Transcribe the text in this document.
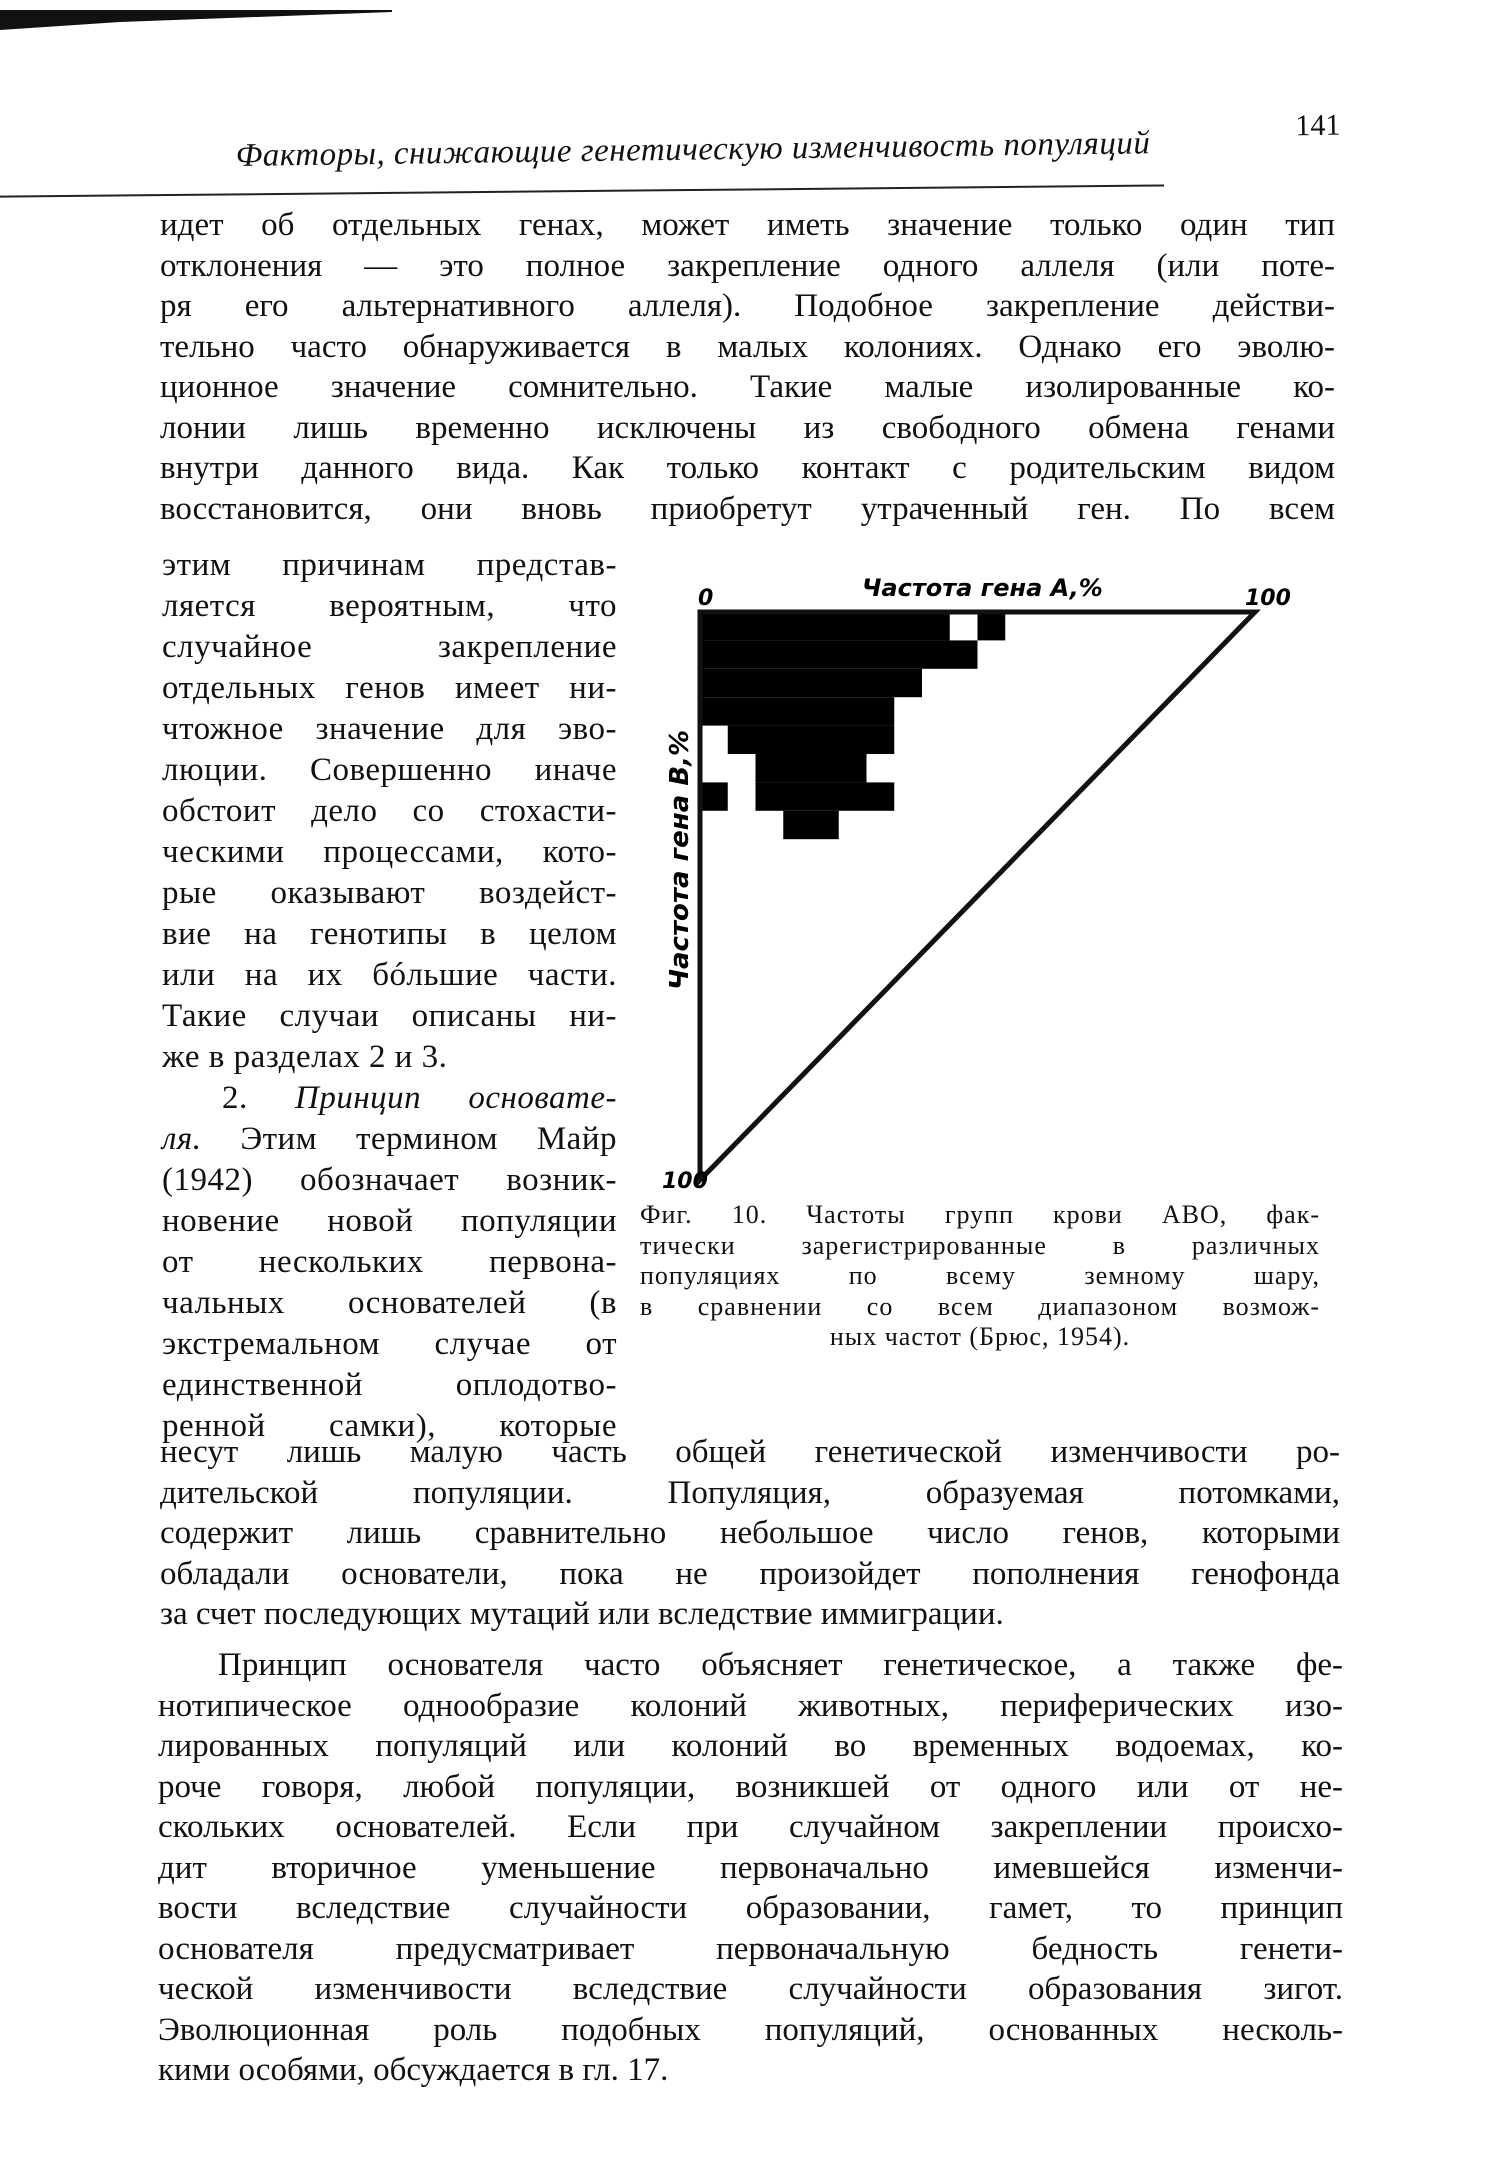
Факторы, снижающие генетическую изменчивость популяций	141
идет об отдельных генах, может иметь значение только один тип
отклонения — это полное закрепление одного аллеля (или поте-
ря его альтернативного аллеля). Подобное закрепление действи-
тельно часто обнаруживается в малых колониях. Однако его эволю-
ционное значение сомнительно. Такие малые изолированные ко-
лонии лишь временно исключены из свободного обмена генами
внутри данного вида. Как только контакт с родительским видом
восстановится, они вновь приобретут утраченный ген. По всем
этим причинам представ-
ляется вероятным, что
случайное закрепление
отдельных генов имеет ни-
чтожное значение для эво-
люции. Совершенно иначе
обстоит дело со стохасти-
ческими процессами, кото-
рые оказывают воздейст-
вие на генотипы в целом
или на их бóльшие части.
Такие случаи описаны ни-
же в разделах 2 и 3.
2. Принцип основате-
ля. Этим термином Майр
(1942) обозначает возник-
новение новой популяции
от нескольких первона-
чальных основателей (в
экстремальном случае от
единственной оплодотво-
ренной самки), которые
0	100
Частота гена A,%
100
Частота гена B,%
Фиг. 10. Частоты групп крови АВО, фак-
тически зарегистрированные в различных
популяциях по всему земному шару,
в сравнении со всем диапазоном возмож-
ных частот (Брюс, 1954).
несут лишь малую часть общей генетической изменчивости ро-
дительской популяции. Популяция, образуемая потомками,
содержит лишь сравнительно небольшое число генов, которыми
обладали основатели, пока не произойдет пополнения генофонда
за счет последующих мутаций или вследствие иммиграции.
Принцип основателя часто объясняет генетическое, а также фе-
нотипическое однообразие колоний животных, периферических изо-
лированных популяций или колоний во временных водоемах, ко-
роче говоря, любой популяции, возникшей от одного или от не-
скольких основателей. Если при случайном закреплении происхо-
дит вторичное уменьшение первоначально имевшейся изменчи-
вости вследствие случайности образовании, гамет, то принцип
основателя предусматривает первоначальную бедность генети-
ческой изменчивости вследствие случайности образования зигот.
Эволюционная роль подобных популяций, основанных несколь-
кими особями, обсуждается в гл. 17.
